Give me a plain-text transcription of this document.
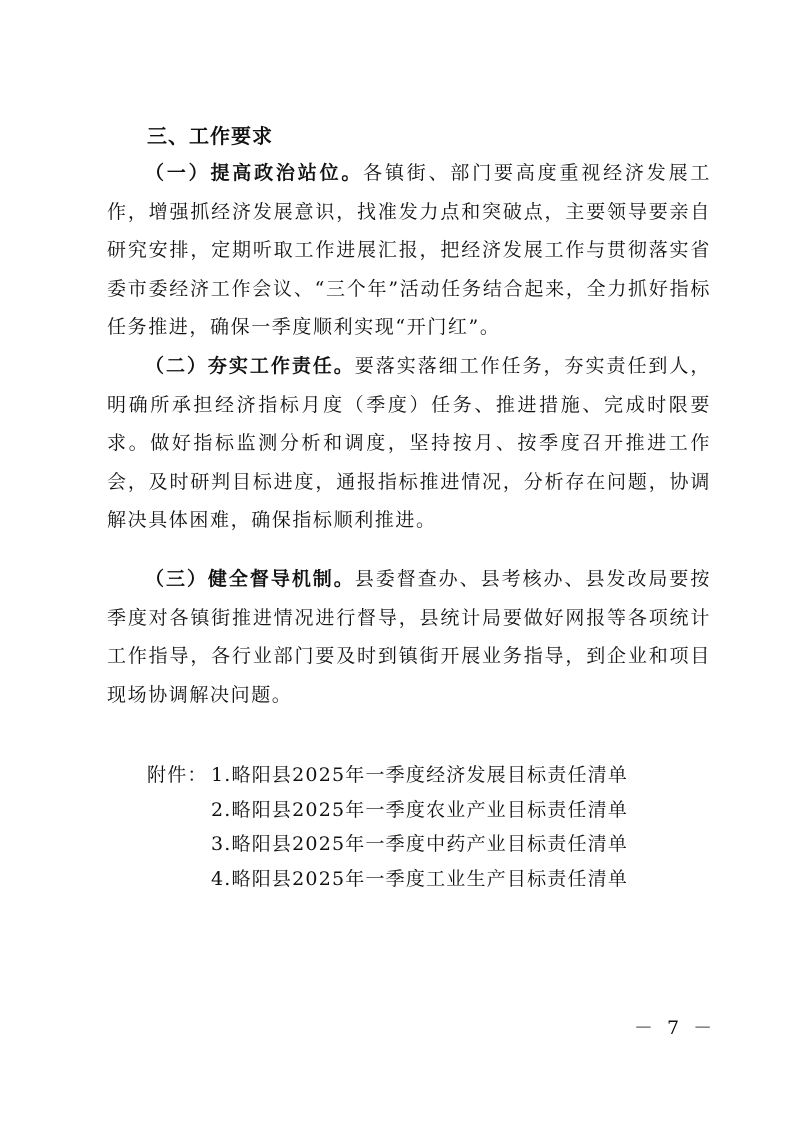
三、工作要求

（一）提高政治站位。各镇街、部门要高度重视经济发展工作，增强抓经济发展意识，找准发力点和突破点，主要领导要亲自研究安排，定期听取工作进展汇报，把经济发展工作与贯彻落实省委市委经济工作会议、“三个年”活动任务结合起来，全力抓好指标任务推进，确保一季度顺利实现“开门红”。

（二）夯实工作责任。要落实落细工作任务，夯实责任到人，明确所承担经济指标月度（季度）任务、推进措施、完成时限要求。做好指标监测分析和调度，坚持按月、按季度召开推进工作会，及时研判目标进度，通报指标推进情况，分析存在问题，协调解决具体困难，确保指标顺利推进。

（三）健全督导机制。县委督查办、县考核办、县发改局要按季度对各镇街推进情况进行督导，县统计局要做好网报等各项统计工作指导，各行业部门要及时到镇街开展业务指导，到企业和项目现场协调解决问题。

附件： 1.略阳县2025年一季度经济发展目标责任清单
2.略阳县2025年一季度农业产业目标责任清单
3.略阳县2025年一季度中药产业目标责任清单
4.略阳县2025年一季度工业生产目标责任清单
－ 7 －
